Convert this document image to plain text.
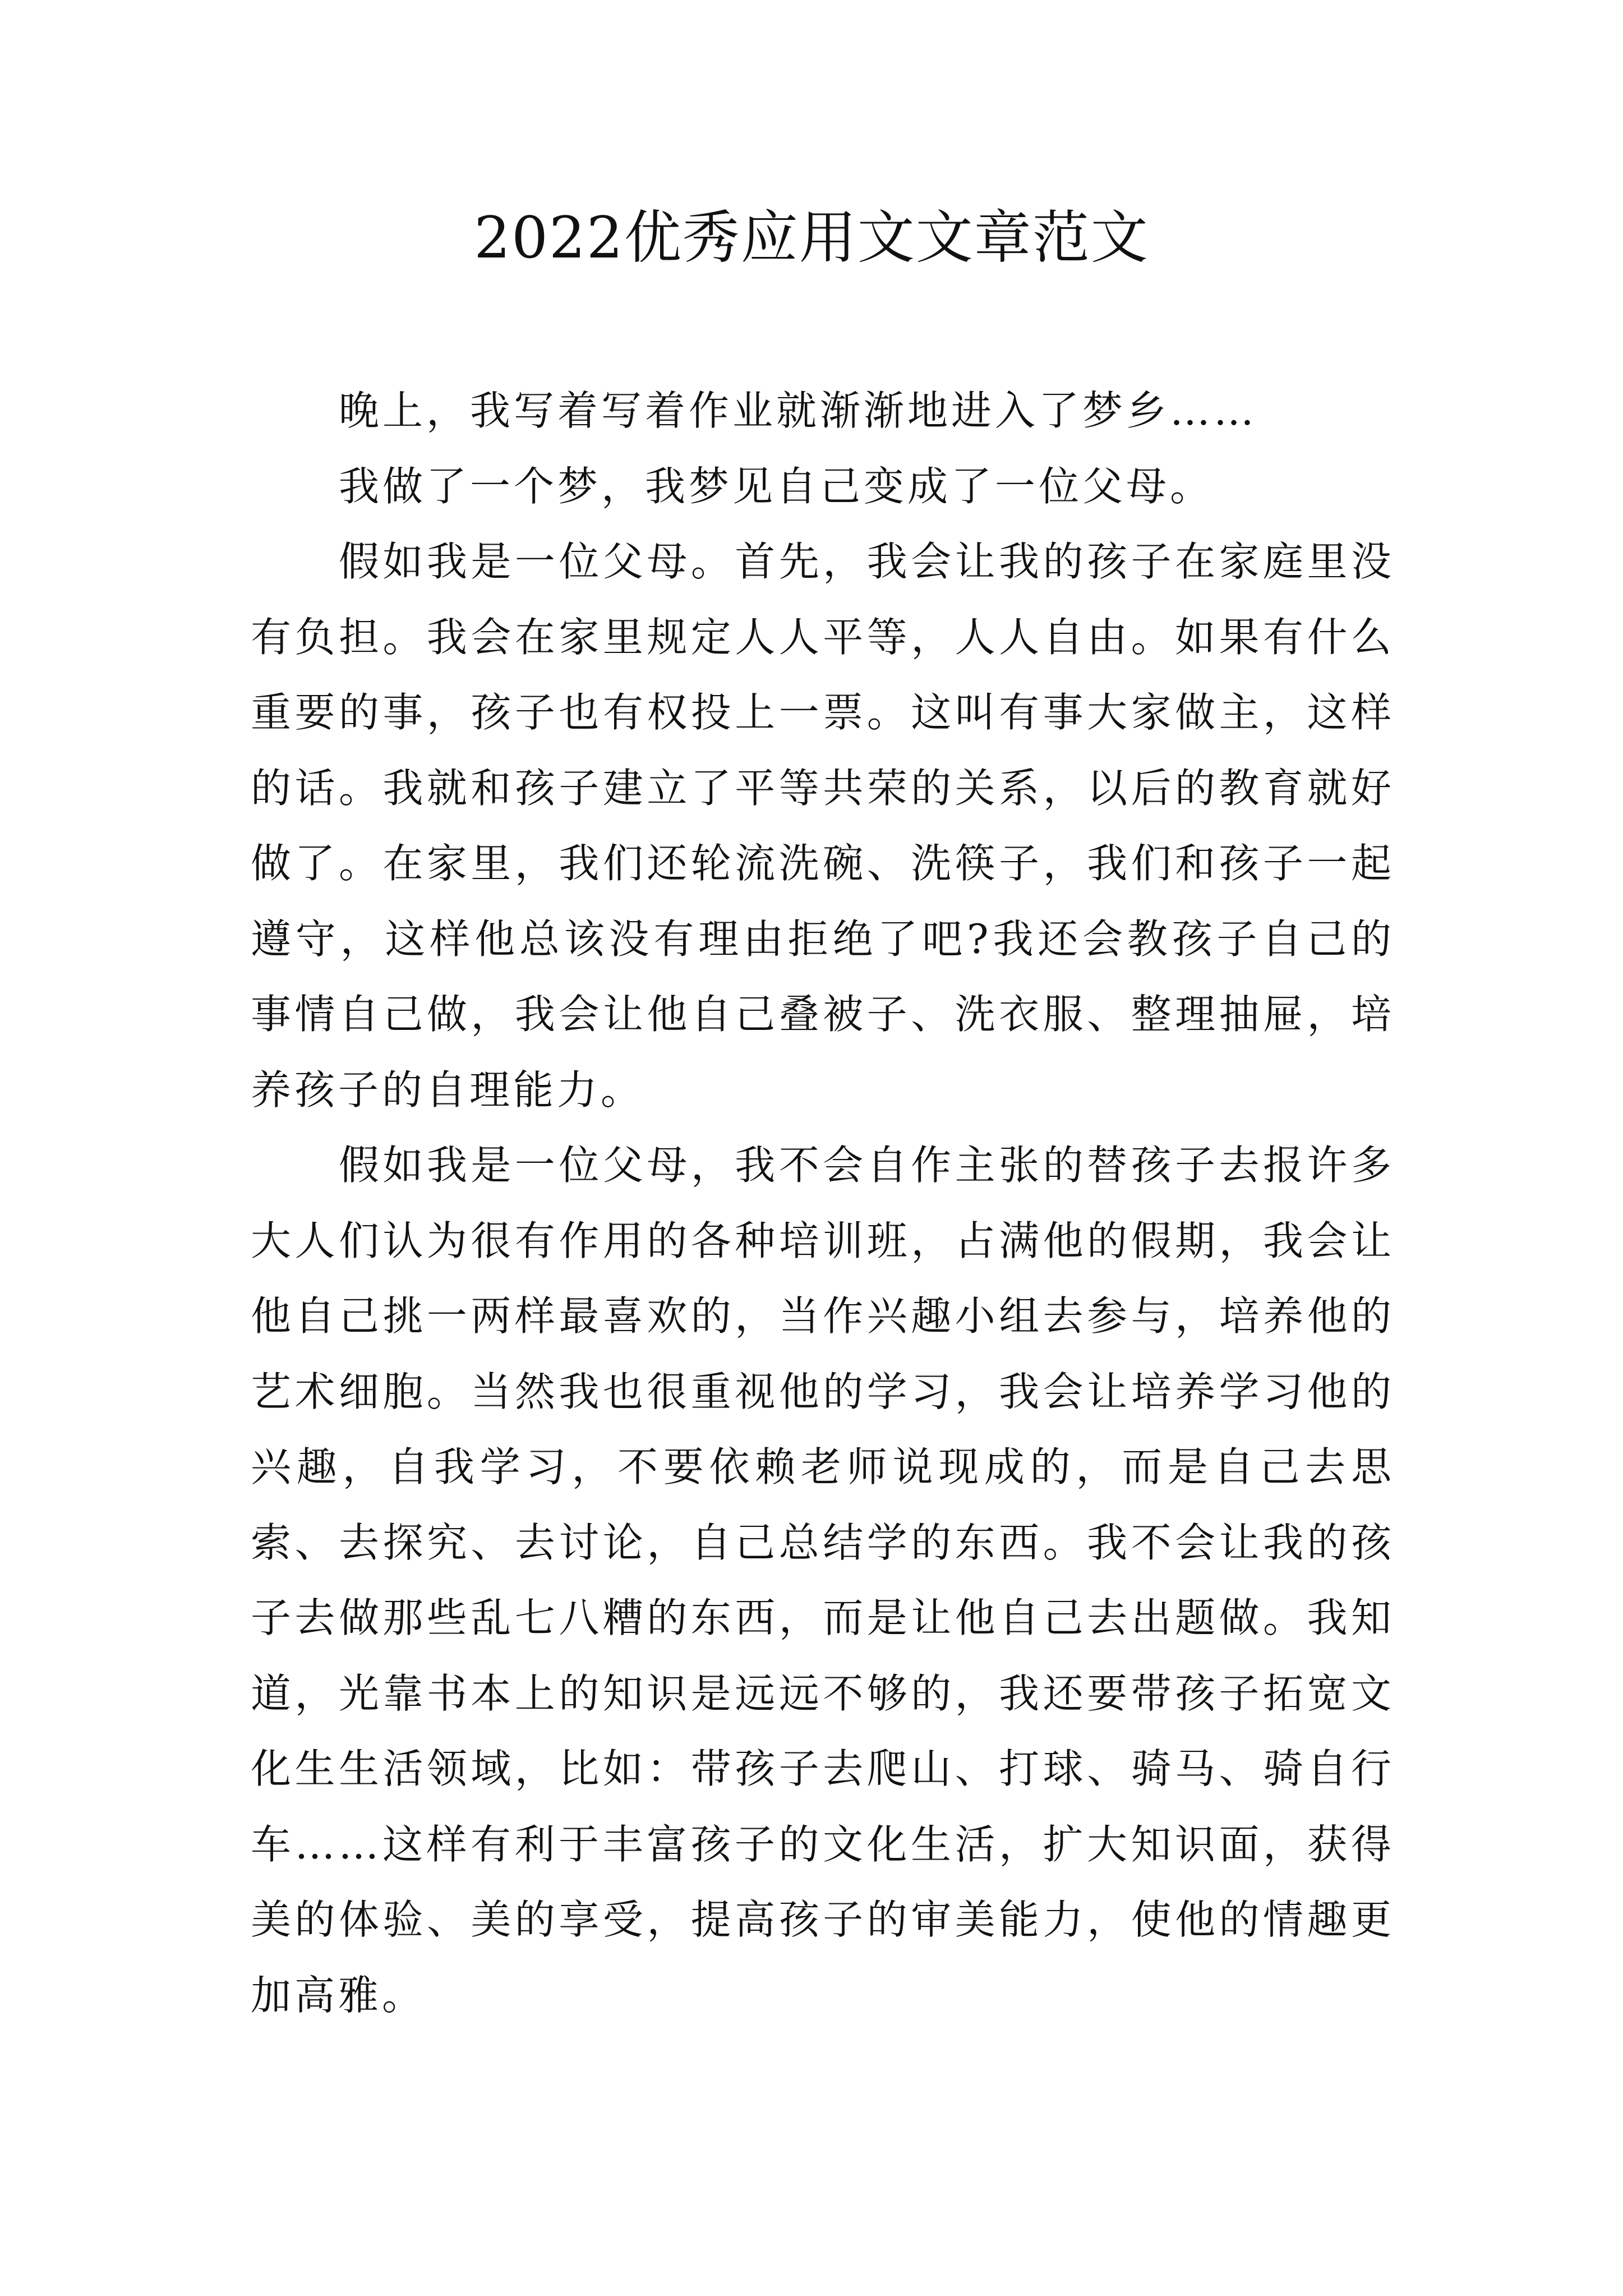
2022优秀应用文文章范文

晚上，我写着写着作业就渐渐地进入了梦乡……

我做了一个梦，我梦见自己变成了一位父母。

假如我是一位父母。首先，我会让我的孩子在家庭里没有负担。我会在家里规定人人平等，人人自由。如果有什么重要的事，孩子也有权投上一票。这叫有事大家做主，这样的话。我就和孩子建立了平等共荣的关系，以后的教育就好做了。在家里，我们还轮流洗碗、洗筷子，我们和孩子一起遵守，这样他总该没有理由拒绝了吧?我还会教孩子自己的事情自己做，我会让他自己叠被子、洗衣服、整理抽屉，培养孩子的自理能力。

假如我是一位父母，我不会自作主张的替孩子去报许多大人们认为很有作用的各种培训班，占满他的假期，我会让他自己挑一两样最喜欢的，当作兴趣小组去参与，培养他的艺术细胞。当然我也很重视他的学习，我会让培养学习他的兴趣，自我学习，不要依赖老师说现成的，而是自己去思索、去探究、去讨论，自己总结学的东西。我不会让我的孩子去做那些乱七八糟的东西，而是让他自己去出题做。我知道，光靠书本上的知识是远远不够的，我还要带孩子拓宽文化生生活领域，比如：带孩子去爬山、打球、骑马、骑自行车……这样有利于丰富孩子的文化生活，扩大知识面，获得美的体验、美的享受，提高孩子的审美能力，使他的情趣更加高雅。
